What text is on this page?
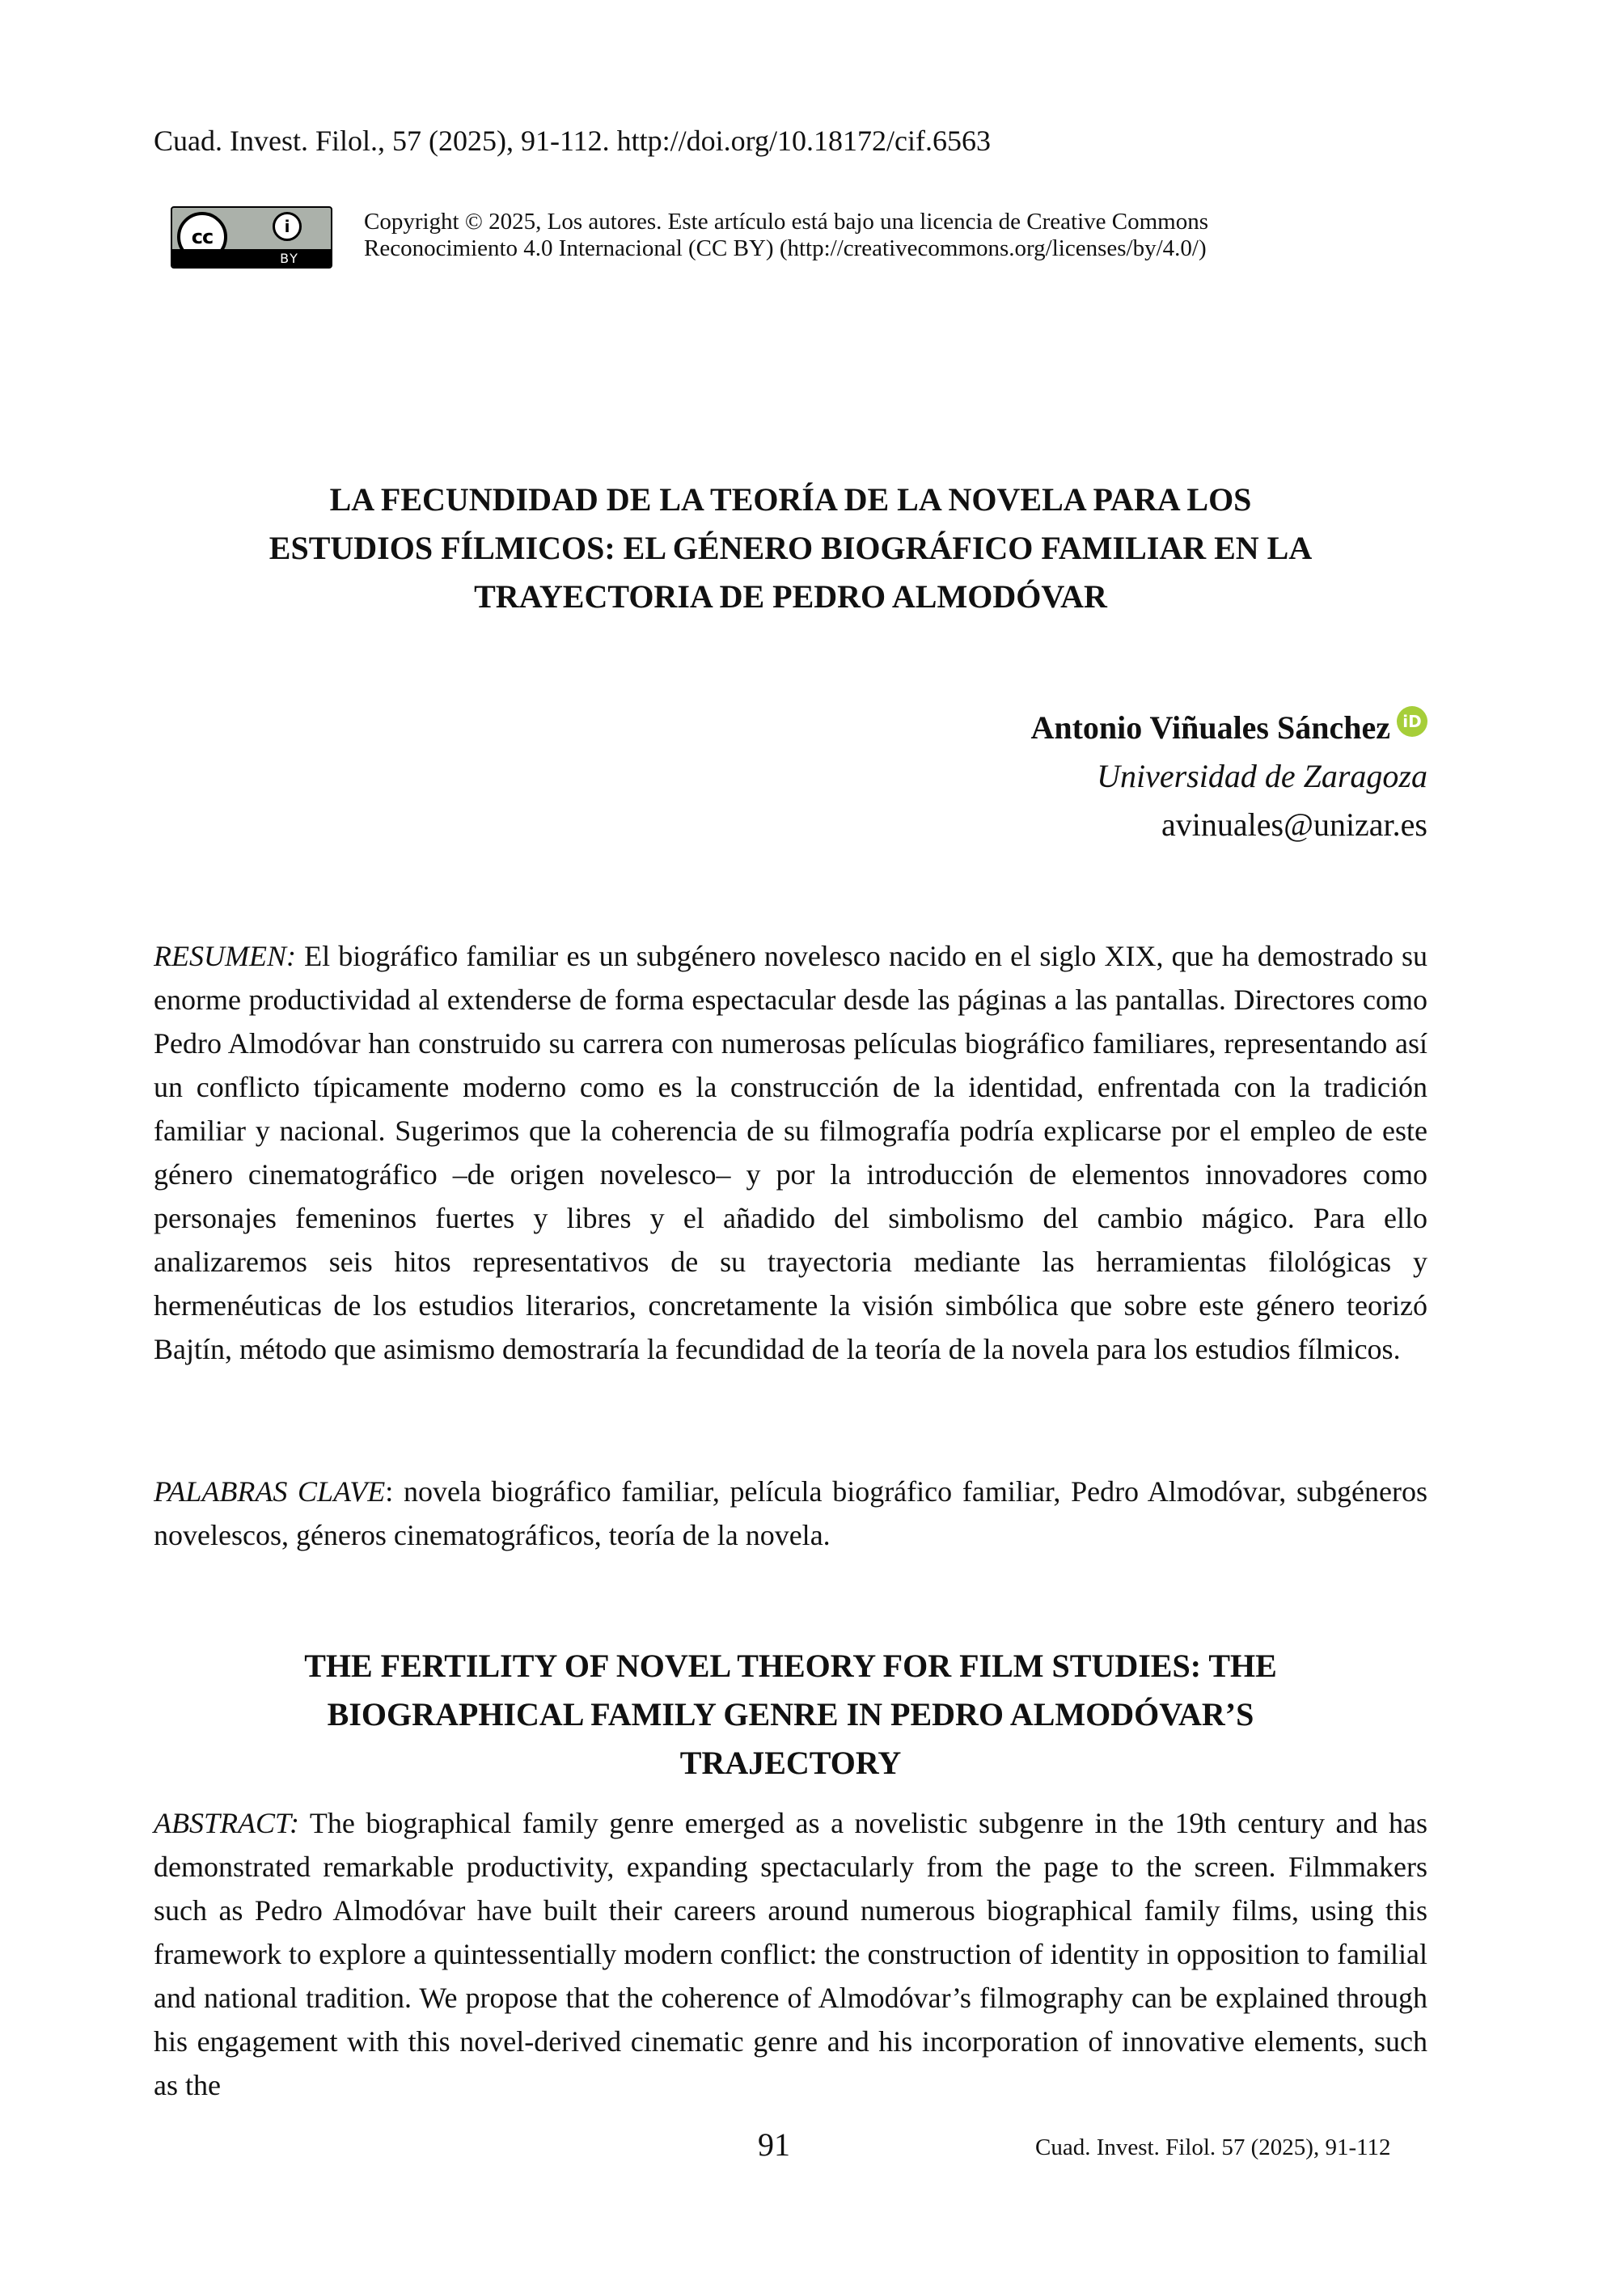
Cuad. Invest. Filol., 57 (2025), 91-112. http://doi.org/10.18172/cif.6563
cc	i
BY
Copyright © 2025, Los autores. Este artículo está bajo una licencia de Creative Commons
Reconocimiento 4.0 Internacional (CC BY) (http://creativecommons.org/licenses/by/4.0/)
LA FECUNDIDAD DE LA TEORÍA DE LA NOVELA PARA LOS
ESTUDIOS FÍLMICOS: EL GÉNERO BIOGRÁFICO FAMILIAR EN LA
TRAYECTORIA DE PEDRO ALMODÓVAR
Antonio Viñuales Sánchez iD
Universidad de Zaragoza
avinuales@unizar.es
RESUMEN: El biográfico familiar es un subgénero novelesco nacido en el siglo XIX, que ha demostrado su enorme productividad al extenderse de forma espectacular desde las páginas a las pantallas. Directores como Pedro Almodóvar han construido su carrera con numerosas películas biográfico familiares, representando así un conflicto típicamente moderno como es la construcción de la identidad, enfrentada con la tradición familiar y nacional. Sugerimos que la coherencia de su filmografía podría explicarse por el empleo de este género cinematográfico –de origen novelesco– y por la introducción de elementos innovadores como personajes femeninos fuertes y libres y el añadido del simbolismo del cambio mágico. Para ello analizaremos seis hitos representativos de su trayectoria mediante las herramientas filológicas y hermenéuticas de los estudios literarios, concretamente la visión simbólica que sobre este género teorizó Bajtín, método que asimismo demostraría la fecundidad de la teoría de la novela para los estudios fílmicos.
PALABRAS CLAVE: novela biográfico familiar, película biográfico familiar, Pedro Almodóvar, subgéneros novelescos, géneros cinematográficos, teoría de la novela.
THE FERTILITY OF NOVEL THEORY FOR FILM STUDIES: THE
BIOGRAPHICAL FAMILY GENRE IN PEDRO ALMODÓVAR’S
TRAJECTORY
ABSTRACT: The biographical family genre emerged as a novelistic subgenre in the 19th century and has demonstrated remarkable productivity, expanding spectacularly from the page to the screen. Filmmakers such as Pedro Almodóvar have built their careers around numerous biographical family films, using this framework to explore a quintessentially modern conflict: the construction of identity in opposition to familial and national tradition. We propose that the coherence of Almodóvar’s filmography can be explained through his engagement with this novel-derived cinematic genre and his incorporation of innovative elements, such as the
91	Cuad. Invest. Filol. 57 (2025), 91-112
